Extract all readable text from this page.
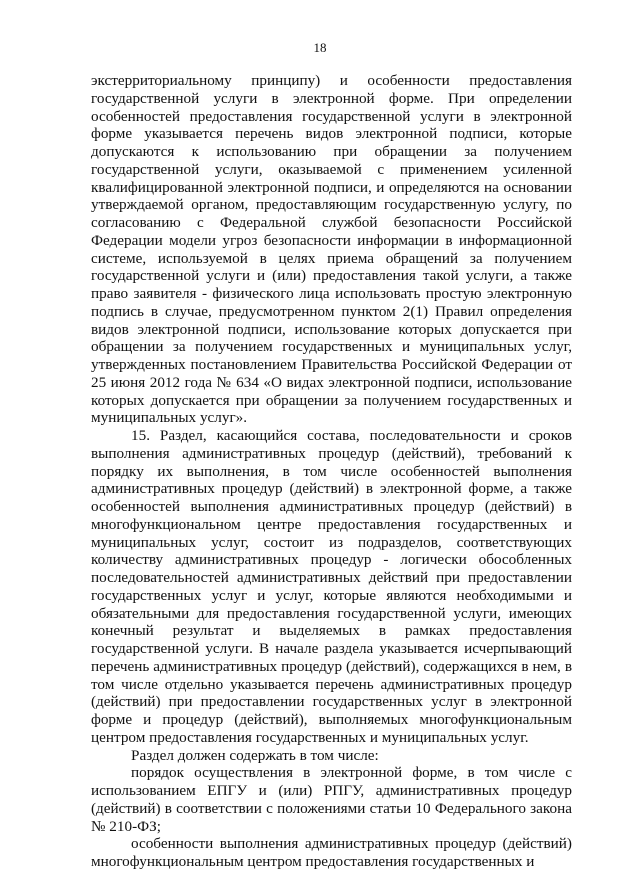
18

экстерриториальному принципу) и особенности предоставления государственной услуги в электронной форме. При определении особенностей предоставления государственной услуги в электронной форме указывается перечень видов электронной подписи, которые допускаются к использованию при обращении за получением государственной услуги, оказываемой с применением усиленной квалифицированной электронной подписи, и определяются на основании утверждаемой органом, предоставляющим государственную услугу, по согласованию с Федеральной службой безопасности Российской Федерации модели угроз безопасности информации в информационной системе, используемой в целях приема обращений за получением государственной услуги и (или) предоставления такой услуги, а также право заявителя - физического лица использовать простую электронную подпись в случае, предусмотренном пунктом 2(1) Правил определения видов электронной подписи, использование которых допускается при обращении за получением государственных и муниципальных услуг, утвержденных постановлением Правительства Российской Федерации от 25 июня 2012 года № 634 «О видах электронной подписи, использование которых допускается при обращении за получением государственных и муниципальных услуг».

15. Раздел, касающийся состава, последовательности и сроков выполнения административных процедур (действий), требований к порядку их выполнения, в том числе особенностей выполнения административных процедур (действий) в электронной форме, а также особенностей выполнения административных процедур (действий) в многофункциональном центре предоставления государственных и муниципальных услуг, состоит из подразделов, соответствующих количеству административных процедур - логически обособленных последовательностей административных действий при предоставлении государственных услуг и услуг, которые являются необходимыми и обязательными для предоставления государственной услуги, имеющих конечный результат и выделяемых в рамках предоставления государственной услуги. В начале раздела указывается исчерпывающий перечень административных процедур (действий), содержащихся в нем, в том числе отдельно указывается перечень административных процедур (действий) при предоставлении государственных услуг в электронной форме и процедур (действий), выполняемых многофункциональным центром предоставления государственных и муниципальных услуг.

Раздел должен содержать в том числе:

порядок осуществления в электронной форме, в том числе с использованием ЕПГУ и (или) РПГУ, административных процедур (действий) в соответствии с положениями статьи 10 Федерального закона № 210-ФЗ;

особенности выполнения административных процедур (действий) многофункциональным центром предоставления государственных и
